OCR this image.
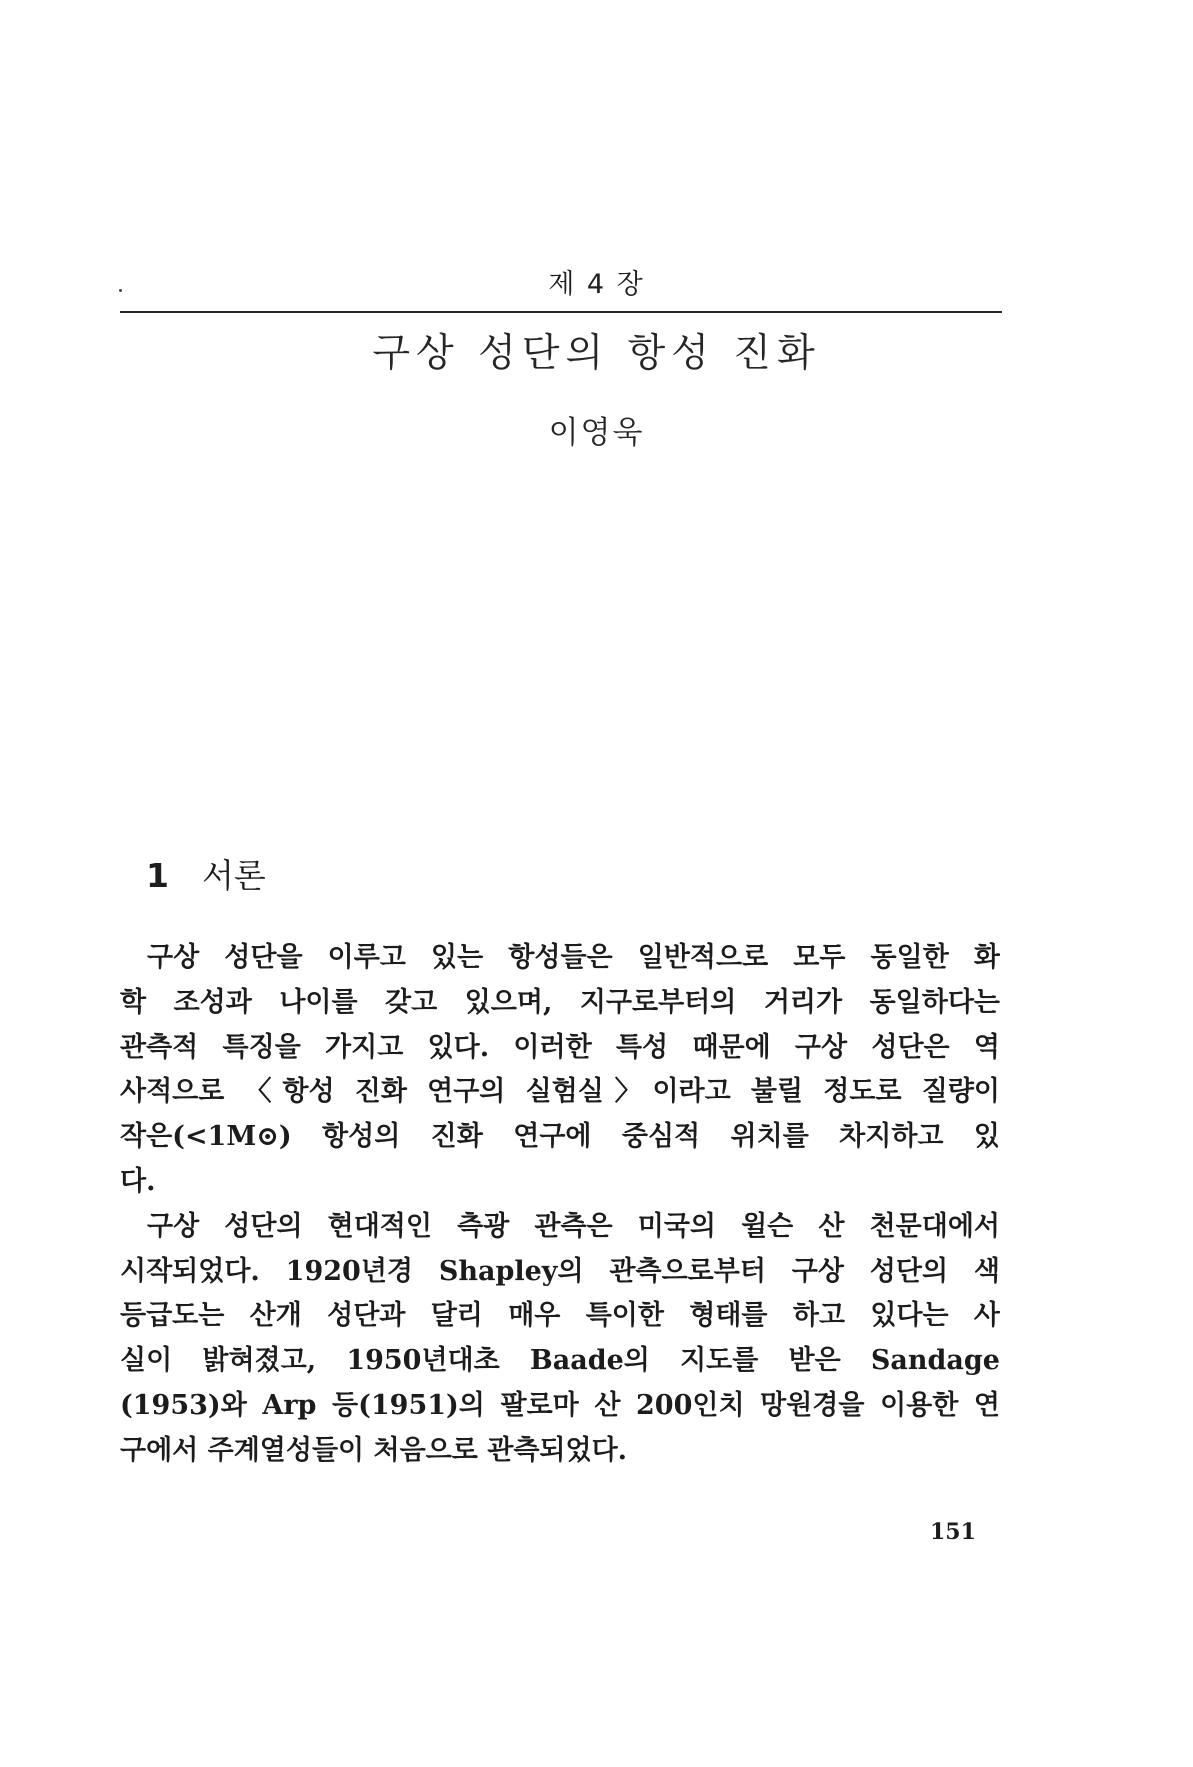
제 4 장
구상 성단의 항성 진화
이영욱
1 서론
구상 성단을 이루고 있는 항성들은 일반적으로 모두 동일한 화
학 조성과 나이를 갖고 있으며, 지구로부터의 거리가 동일하다는
관측적 특징을 가지고 있다. 이러한 특성 때문에 구상 성단은 역
사적으로 〈항성 진화 연구의 실험실〉이라고 불릴 정도로 질량이
작은(<1M⊙) 항성의 진화 연구에 중심적 위치를 차지하고 있
다.
구상 성단의 현대적인 측광 관측은 미국의 윌슨 산 천문대에서
시작되었다. 1920년경 Shapley의 관측으로부터 구상 성단의 색
등급도는 산개 성단과 달리 매우 특이한 형태를 하고 있다는 사
실이 밝혀졌고, 1950년대초 Baade의 지도를 받은 Sandage
(1953)와 Arp 등(1951)의 팔로마 산 200인치 망원경을 이용한 연
구에서 주계열성들이 처음으로 관측되었다.
151
